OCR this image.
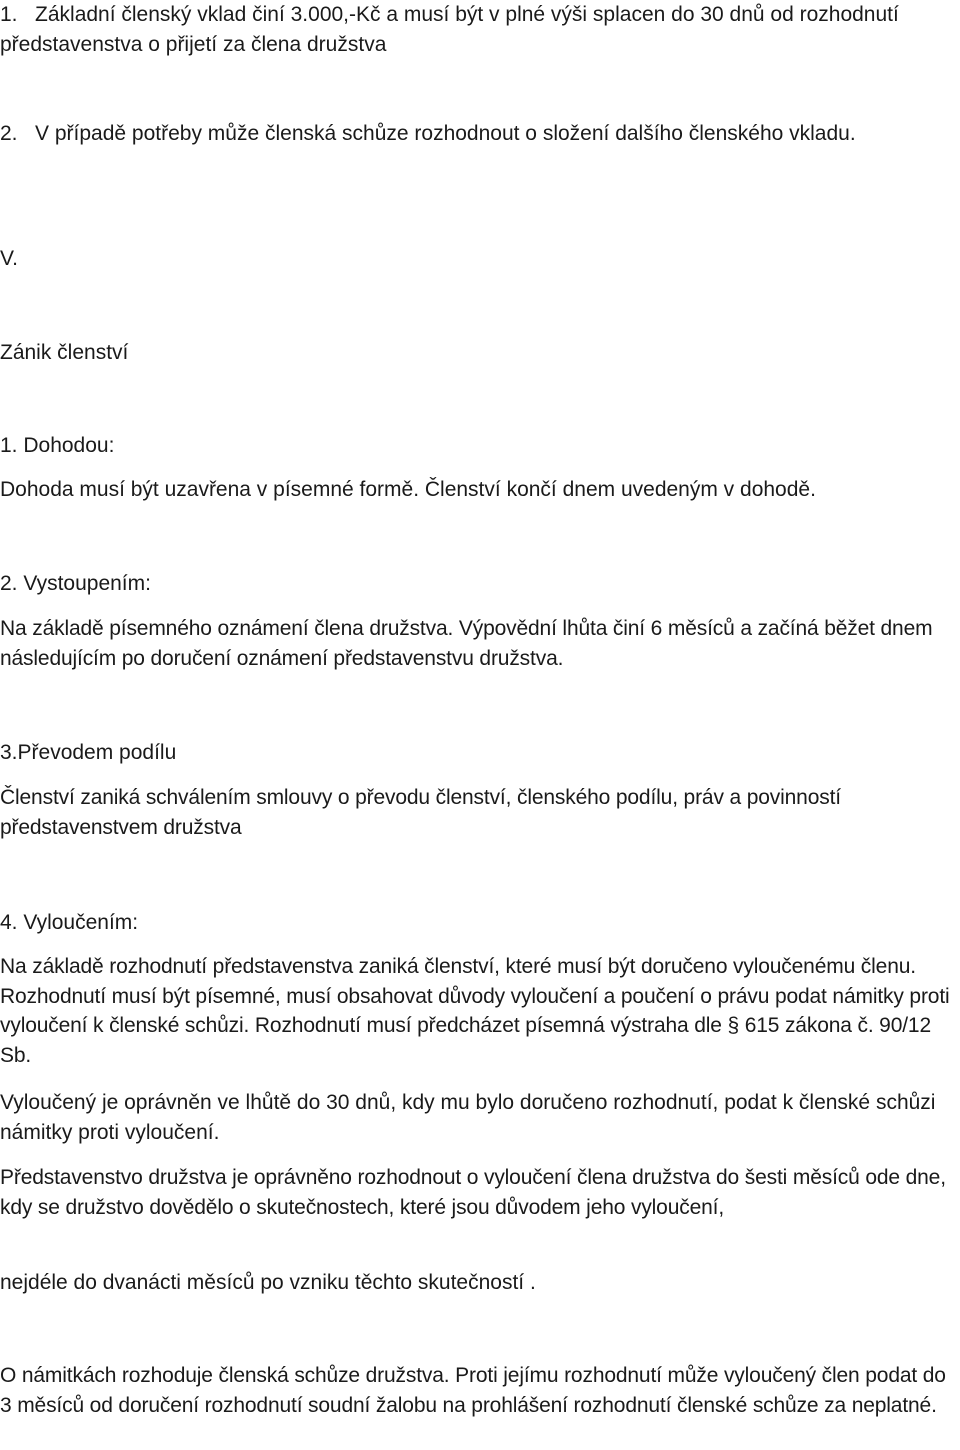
1.   Základní členský vklad činí 3.000,-Kč a musí být v plné výši splacen do 30 dnů od rozhodnutí představenstva o přijetí za člena družstva

2.   V případě potřeby může členská schůze rozhodnout o složení dalšího členského vkladu.

V.

Zánik členství

1. Dohodou:

Dohoda musí být uzavřena v písemné formě. Členství končí dnem uvedeným v dohodě.

2. Vystoupením:

Na základě písemného oznámení člena družstva. Výpovědní lhůta činí 6 měsíců a začíná běžet dnem následujícím po doručení oznámení představenstvu družstva.

3.Převodem podílu

Členství zaniká schválením smlouvy o převodu členství, členského podílu, práv a povinností představenstvem družstva

4. Vyloučením:

Na základě rozhodnutí představenstva zaniká členství, které musí být doručeno vyloučenému členu. Rozhodnutí musí být písemné, musí obsahovat důvody vyloučení a poučení o právu podat námitky proti vyloučení k členské schůzi. Rozhodnutí musí předcházet písemná výstraha dle § 615 zákona č. 90/12 Sb.

Vyloučený je oprávněn ve lhůtě do 30 dnů, kdy mu bylo doručeno rozhodnutí, podat k členské schůzi námitky proti vyloučení.

Představenstvo družstva je oprávněno rozhodnout o vyloučení člena družstva do šesti měsíců ode dne, kdy se družstvo dovědělo o skutečnostech, které jsou důvodem jeho vyloučení,

nejdéle do dvanácti měsíců po vzniku těchto skutečností .

O námitkách rozhoduje členská schůze družstva. Proti jejímu rozhodnutí může vyloučený člen podat do 3 měsíců od doručení rozhodnutí soudní žalobu na prohlášení rozhodnutí členské schůze za neplatné.
